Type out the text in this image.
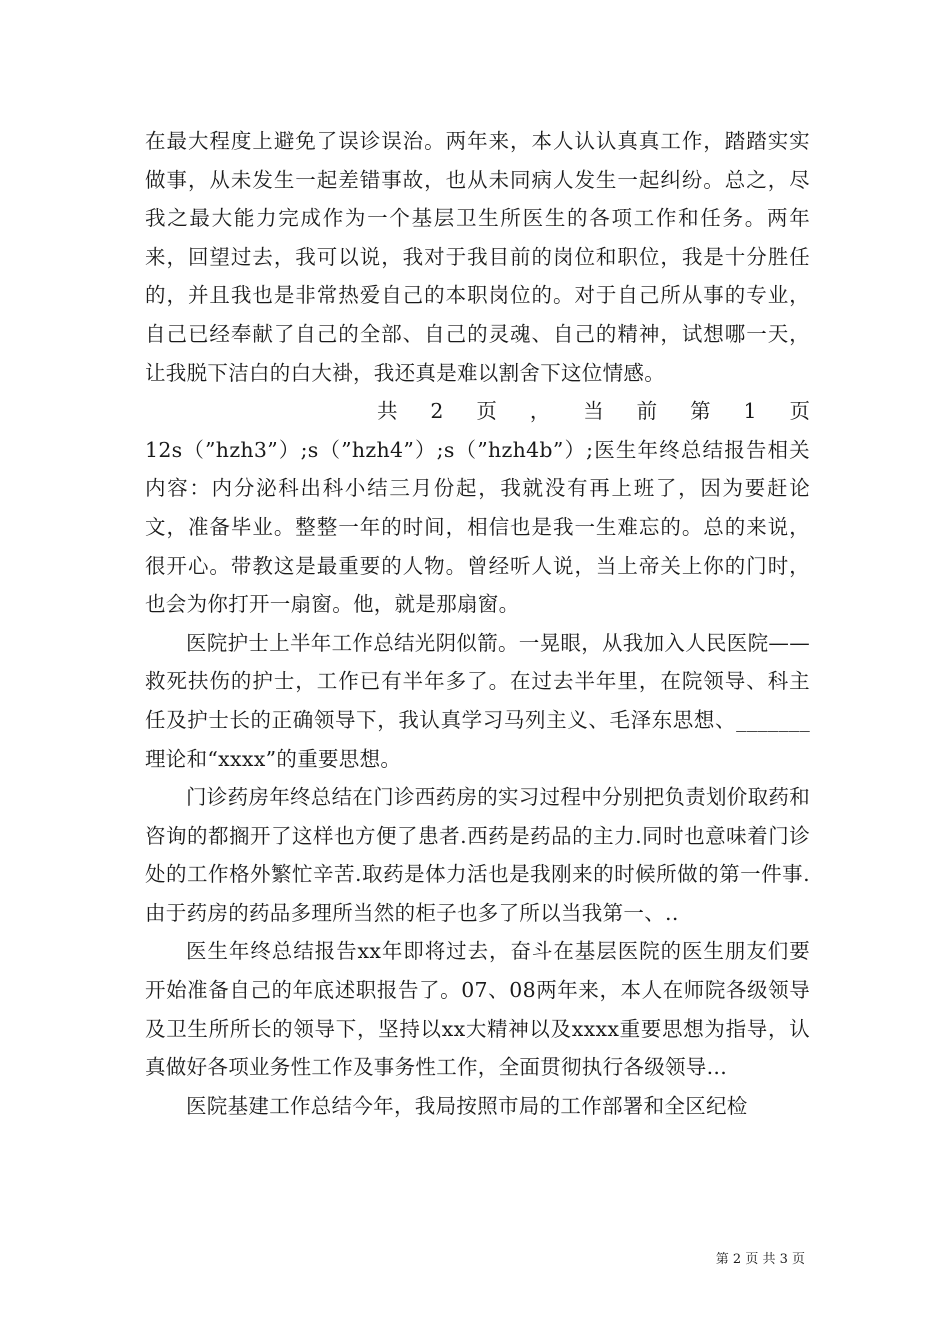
在最大程度上避免了误诊误治。两年来，本人认认真真工作，踏踏实实做事，从未发生一起差错事故，也从未同病人发生一起纠纷。总之，尽我之最大能力完成作为一个基层卫生所医生的各项工作和任务。两年来，回望过去，我可以说，我对于我目前的岗位和职位，我是十分胜任的，并且我也是非常热爱自己的本职岗位的。对于自己所从事的专业，自己已经奉献了自己的全部、自己的灵魂、自己的精神，试想哪一天，让我脱下洁白的白大褂，我还真是难以割舍下这位情感。

共 2 页 ， 当 前 第 1 页

12s（”hzh3”）;s（”hzh4”）;s（”hzh4b”）;医生年终总结报告相关内容：内分泌科出科小结三月份起，我就没有再上班了，因为要赶论文，准备毕业。整整一年的时间，相信也是我一生难忘的。总的来说，很开心。带教这是最重要的人物。曾经听人说，当上帝关上你的门时，也会为你打开一扇窗。他，就是那扇窗。

医院护士上半年工作总结光阴似箭。一晃眼，从我加入人民医院——救死扶伤的护士，工作已有半年多了。在过去半年里，在院领导、科主任及护士长的正确领导下，我认真学习马列主义、毛泽东思想、_______理论和“xxxx”的重要思想。

门诊药房年终总结在门诊西药房的实习过程中分别把负责划价取药和咨询的都搁开了这样也方便了患者.西药是药品的主力.同时也意味着门诊处的工作格外繁忙辛苦.取药是体力活也是我刚来的时候所做的第一件事.由于药房的药品多理所当然的柜子也多了所以当我第一、..

医生年终总结报告xx年即将过去，奋斗在基层医院的医生朋友们要开始准备自己的年底述职报告了。07、08两年来，本人在师院各级领导及卫生所所长的领导下，坚持以xx大精神以及xxxx重要思想为指导，认真做好各项业务性工作及事务性工作，全面贯彻执行各级领导...

医院基建工作总结今年，我局按照市局的工作部署和全区纪检

第 2 页 共 3 页
